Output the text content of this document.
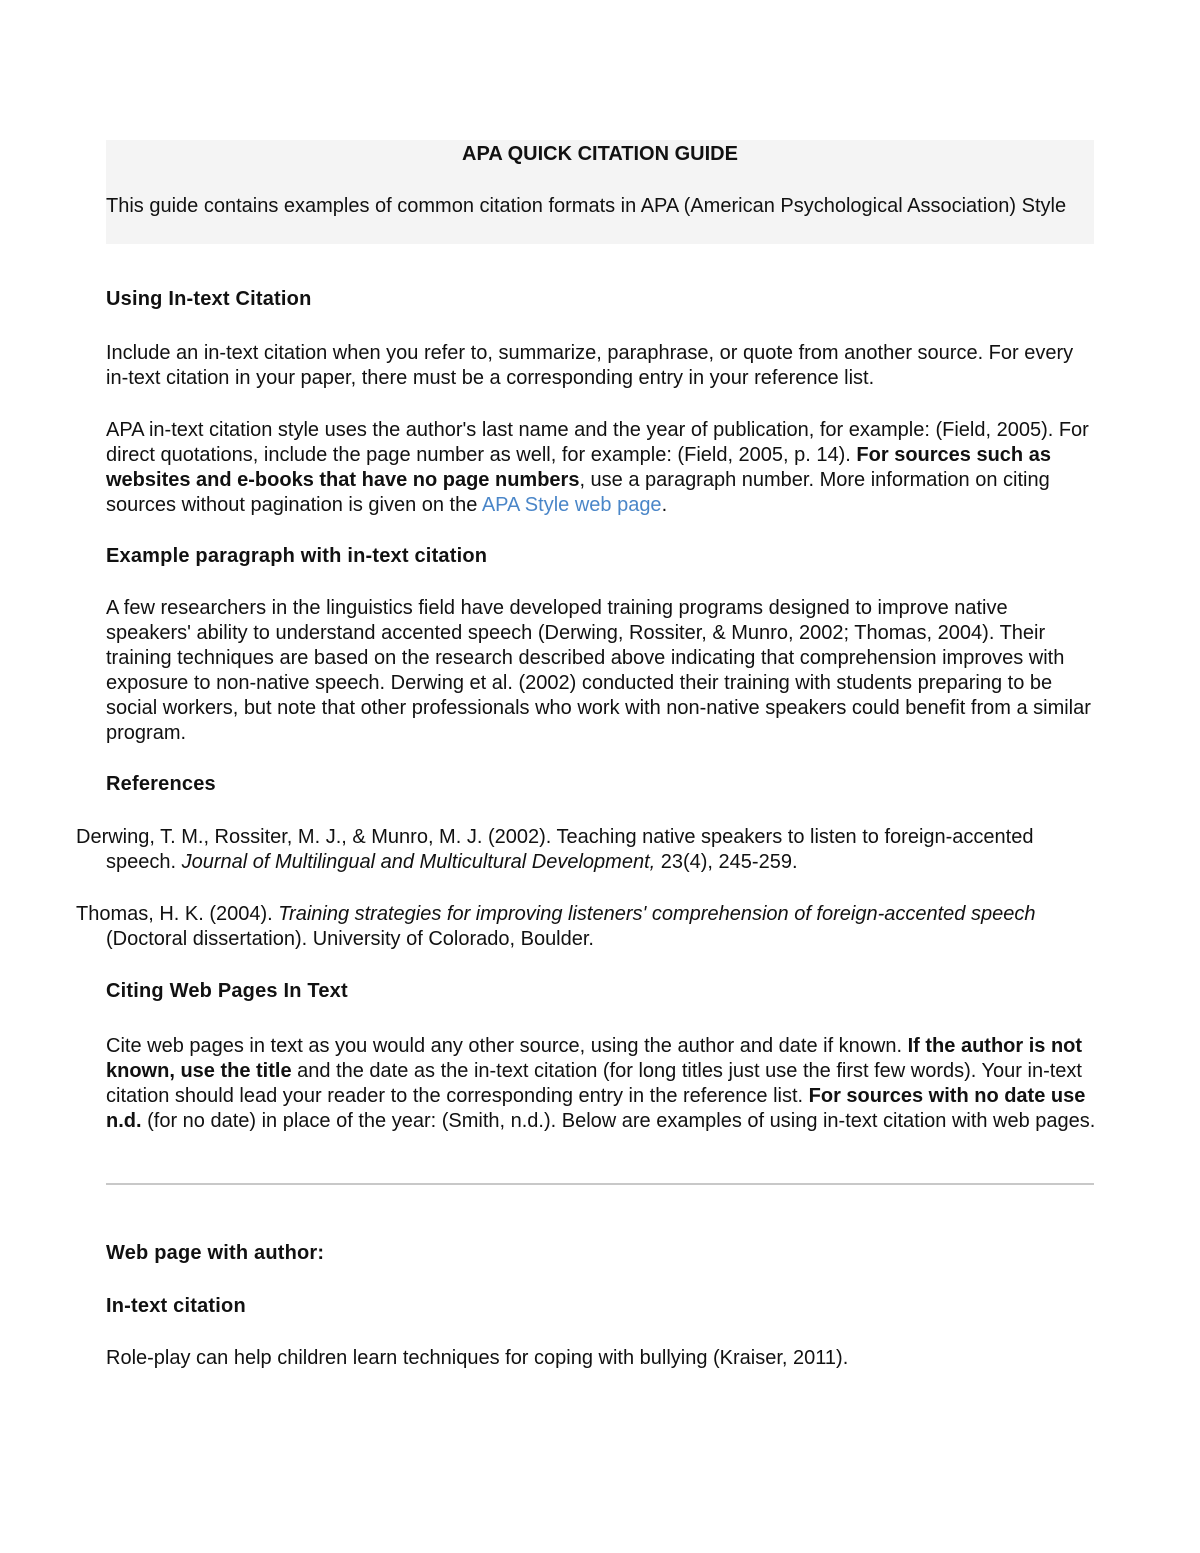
APA QUICK CITATION GUIDE
This guide contains examples of common citation formats in APA (American Psychological Association) Style
Using In-text Citation
Include an in-text citation when you refer to, summarize, paraphrase, or quote from another source. For every in-text citation in your paper, there must be a corresponding entry in your reference list.
APA in-text citation style uses the author's last name and the year of publication, for example: (Field, 2005). For direct quotations, include the page number as well, for example: (Field, 2005, p. 14). For sources such as websites and e-books that have no page numbers, use a paragraph number. More information on citing sources without pagination is given on the APA Style web page.
Example paragraph with in-text citation
A few researchers in the linguistics field have developed training programs designed to improve native speakers' ability to understand accented speech (Derwing, Rossiter, & Munro, 2002; Thomas, 2004). Their training techniques are based on the research described above indicating that comprehension improves with exposure to non-native speech. Derwing et al. (2002) conducted their training with students preparing to be social workers, but note that other professionals who work with non-native speakers could benefit from a similar program.
References
Derwing, T. M., Rossiter, M. J., & Munro, M. J. (2002). Teaching native speakers to listen to foreign-accented speech. Journal of Multilingual and Multicultural Development, 23(4), 245-259.
Thomas, H. K. (2004). Training strategies for improving listeners' comprehension of foreign-accented speech (Doctoral dissertation). University of Colorado, Boulder.
Citing Web Pages In Text
Cite web pages in text as you would any other source, using the author and date if known. If the author is not known, use the title and the date as the in-text citation (for long titles just use the first few words). Your in-text citation should lead your reader to the corresponding entry in the reference list. For sources with no date use n.d. (for no date) in place of the year: (Smith, n.d.). Below are examples of using in-text citation with web pages.
Web page with author:
In-text citation
Role-play can help children learn techniques for coping with bullying (Kraiser, 2011).
